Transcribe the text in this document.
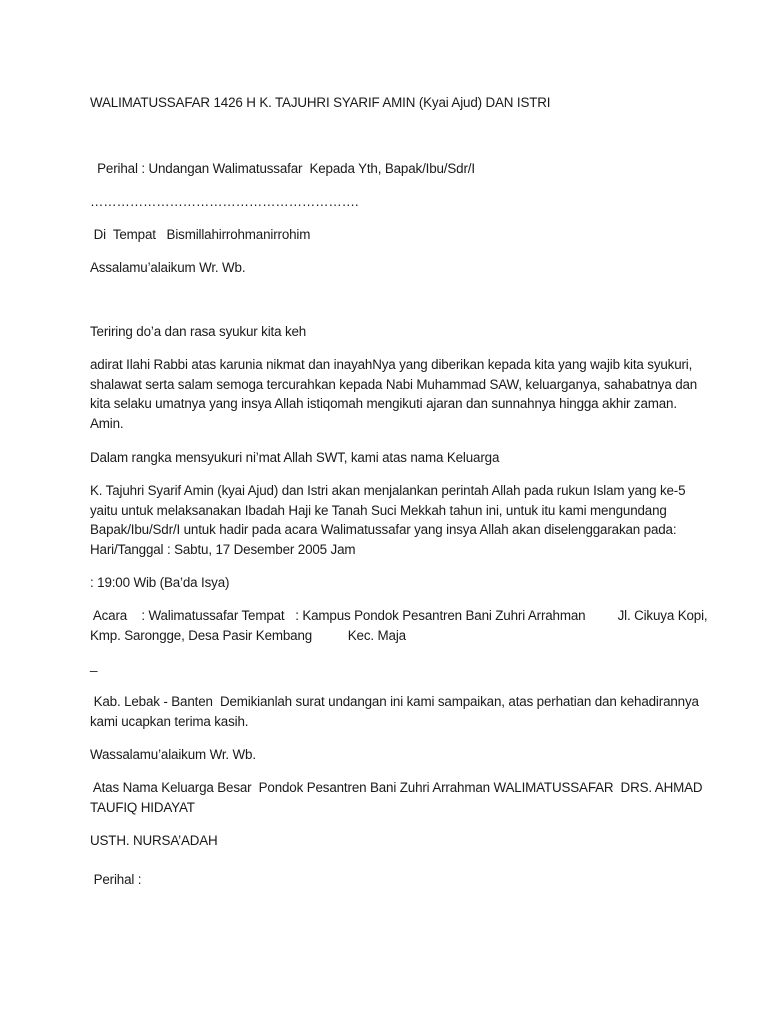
WALIMATUSSAFAR 1426 H K. TAJUHRI SYARIF AMIN (Kyai Ajud) DAN ISTRI
Perihal : Undangan Walimatussafar  Kepada Yth, Bapak/Ibu/Sdr/I
…………………………………………………….
Di  Tempat   Bismillahirrohmanirrohim
Assalamu’alaikum Wr. Wb.
Teriring do’a dan rasa syukur kita keh
adirat Ilahi Rabbi atas karunia nikmat dan inayahNya yang diberikan kepada kita yang wajib kita syukuri,
shalawat serta salam semoga tercurahkan kepada Nabi Muhammad SAW, keluarganya, sahabatnya dan
kita selaku umatnya yang insya Allah istiqomah mengikuti ajaran dan sunnahnya hingga akhir zaman.
Amin.
Dalam rangka mensyukuri ni’mat Allah SWT, kami atas nama Keluarga
K. Tajuhri Syarif Amin (kyai Ajud) dan Istri akan menjalankan perintah Allah pada rukun Islam yang ke-5
yaitu untuk melaksanakan Ibadah Haji ke Tanah Suci Mekkah tahun ini, untuk itu kami mengundang
Bapak/Ibu/Sdr/I untuk hadir pada acara Walimatussafar yang insya Allah akan diselenggarakan pada:
Hari/Tanggal : Sabtu, 17 Desember 2005 Jam
: 19:00 Wib (Ba’da Isya)
Acara    : Walimatussafar Tempat   : Kampus Pondok Pesantren Bani Zuhri Arrahman         Jl. Cikuya Kopi,
Kmp. Sarongge, Desa Pasir Kembang          Kec. Maja
_
Kab. Lebak - Banten  Demikianlah surat undangan ini kami sampaikan, atas perhatian dan kehadirannya
kami ucapkan terima kasih.
Wassalamu’alaikum Wr. Wb.
Atas Nama Keluarga Besar  Pondok Pesantren Bani Zuhri Arrahman WALIMATUSSAFAR  DRS. AHMAD
TAUFIQ HIDAYAT
USTH. NURSA’ADAH
Perihal :
